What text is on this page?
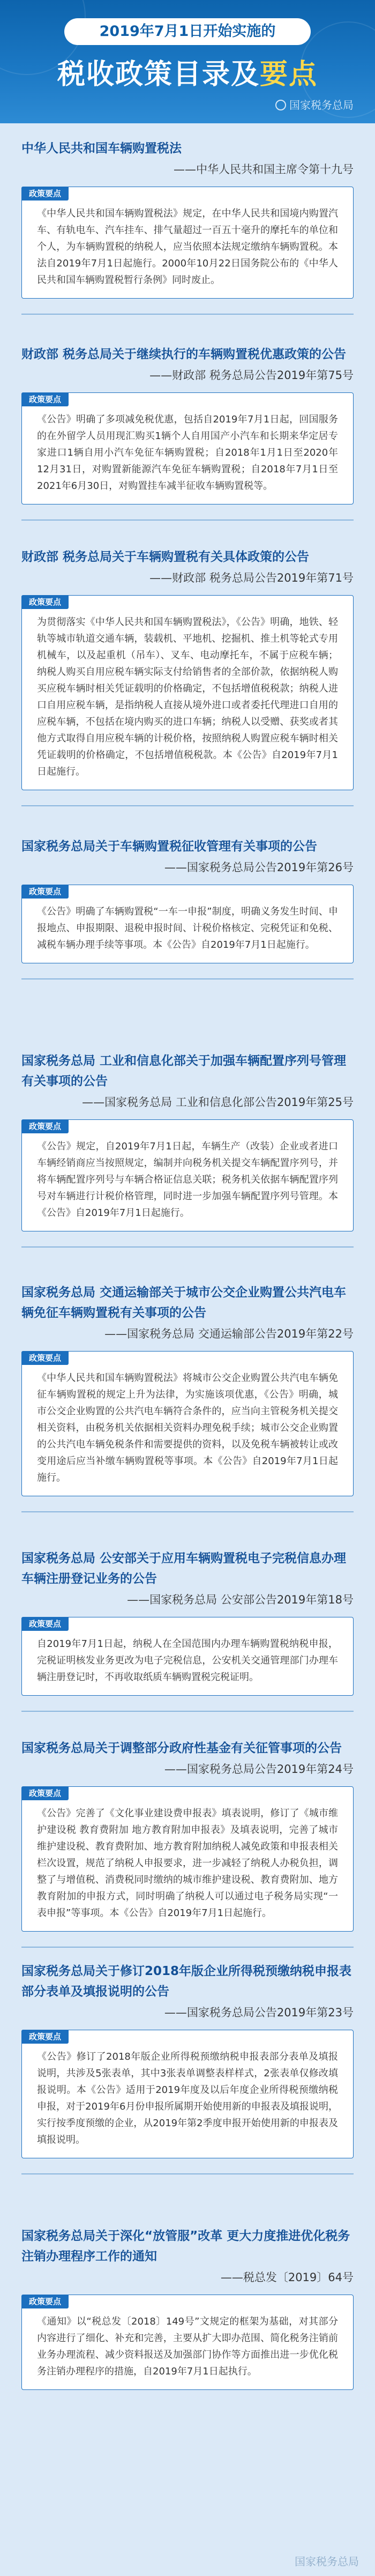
2019年7月1日开始实施的
税收政策目录及要点
国家税务总局
中华人民共和国车辆购置税法
——中华人民共和国主席令第十九号
政策要点
《中华人民共和国车辆购置税法》规定，在中华人民共和国境内购置汽车、有轨电车、汽车挂车、排气量超过一百五十毫升的摩托车的单位和个人，为车辆购置税的纳税人，应当依照本法规定缴纳车辆购置税。本法自2019年7月1日起施行。2000年10月22日国务院公布的《中华人民共和国车辆购置税暂行条例》同时废止。
财政部 税务总局关于继续执行的车辆购置税优惠政策的公告
——财政部 税务总局公告2019年第75号
政策要点
《公告》明确了多项减免税优惠，包括自2019年7月1日起，回国服务的在外留学人员用现汇购买1辆个人自用国产小汽车和长期来华定居专家进口1辆自用小汽车免征车辆购置税；自2018年1月1日至2020年12月31日，对购置新能源汽车免征车辆购置税；自2018年7月1日至2021年6月30日，对购置挂车减半征收车辆购置税等。
财政部 税务总局关于车辆购置税有关具体政策的公告
——财政部 税务总局公告2019年第71号
政策要点
为贯彻落实《中华人民共和国车辆购置税法》，《公告》明确，地铁、轻轨等城市轨道交通车辆，装载机、平地机、挖掘机、推土机等轮式专用机械车，以及起重机（吊车）、叉车、电动摩托车，不属于应税车辆；纳税人购买自用应税车辆实际支付给销售者的全部价款，依据纳税人购买应税车辆时相关凭证载明的价格确定，不包括增值税税款；纳税人进口自用应税车辆，是指纳税人直接从境外进口或者委托代理进口自用的应税车辆，不包括在境内购买的进口车辆；纳税人以受赠、获奖或者其他方式取得自用应税车辆的计税价格，按照纳税人购置应税车辆时相关凭证载明的价格确定，不包括增值税税款。本《公告》自2019年7月1日起施行。
国家税务总局关于车辆购置税征收管理有关事项的公告
——国家税务总局公告2019年第26号
政策要点
《公告》明确了车辆购置税“一车一申报”制度，明确义务发生时间、申报地点、申报期限、退税申报时间、计税价格核定、完税凭证和免税、减税车辆办理手续等事项。本《公告》自2019年7月1日起施行。
国家税务总局 工业和信息化部关于加强车辆配置序列号管理有关事项的公告
——国家税务总局 工业和信息化部公告2019年第25号
政策要点
《公告》规定，自2019年7月1日起，车辆生产（改装）企业或者进口车辆经销商应当按照规定，编制并向税务机关提交车辆配置序列号，并将车辆配置序列号与车辆合格证信息关联；税务机关依据车辆配置序列号对车辆进行计税价格管理，同时进一步加强车辆配置序列号管理。本《公告》自2019年7月1日起施行。
国家税务总局 交通运输部关于城市公交企业购置公共汽电车辆免征车辆购置税有关事项的公告
——国家税务总局 交通运输部公告2019年第22号
政策要点
《中华人民共和国车辆购置税法》将城市公交企业购置公共汽电车辆免征车辆购置税的规定上升为法律，为实施该项优惠，《公告》明确，城市公交企业购置的公共汽电车辆符合条件的，应当向主管税务机关提交相关资料，由税务机关依据相关资料办理免税手续；城市公交企业购置的公共汽电车辆免税条件和需要提供的资料，以及免税车辆被转让或改变用途后应当补缴车辆购置税等事项。本《公告》自2019年7月1日起施行。
国家税务总局 公安部关于应用车辆购置税电子完税信息办理车辆注册登记业务的公告
——国家税务总局 公安部公告2019年第18号
政策要点
自2019年7月1日起，纳税人在全国范围内办理车辆购置税纳税申报，完税证明核发业务更改为电子完税信息，公安机关交通管理部门办理车辆注册登记时，不再收取纸质车辆购置税完税证明。
国家税务总局关于调整部分政府性基金有关征管事项的公告
——国家税务总局公告2019年第24号
政策要点
《公告》完善了《文化事业建设费申报表》填表说明，修订了《城市维护建设税 教育费附加 地方教育附加申报表》及填表说明，完善了城市维护建设税、教育费附加、地方教育附加纳税人减免政策和申报表相关栏次设置，规范了纳税人申报要求，进一步减轻了纳税人办税负担，调整了与增值税、消费税同时缴纳的城市维护建设税、教育费附加、地方教育附加的申报方式，同时明确了纳税人可以通过电子税务局实现“一表申报”等事项。本《公告》自2019年7月1日起施行。
国家税务总局关于修订2018年版企业所得税预缴纳税申报表部分表单及填报说明的公告
——国家税务总局公告2019年第23号
政策要点
《公告》修订了2018年版企业所得税预缴纳税申报表部分表单及填报说明，共涉及5张表单，其中3张表单调整表样样式，2张表单仅修改填报说明。本《公告》适用于2019年度及以后年度企业所得税预缴纳税申报，对于2019年6月份申报所属期开始使用新的申报表及填报说明，实行按季度预缴的企业，从2019年第2季度申报开始使用新的申报表及填报说明。
国家税务总局关于深化“放管服”改革 更大力度推进优化税务注销办理程序工作的通知
——税总发〔2019〕64号
政策要点
《通知》以“税总发〔2018〕149号”文规定的框架为基础，对其部分内容进行了细化、补充和完善，主要从扩大即办范围、简化税务注销前业务办理流程、减少资料报送及加强部门协作等方面推出进一步优化税务注销办理程序的措施，自2019年7月1日起执行。
国家税务总局
